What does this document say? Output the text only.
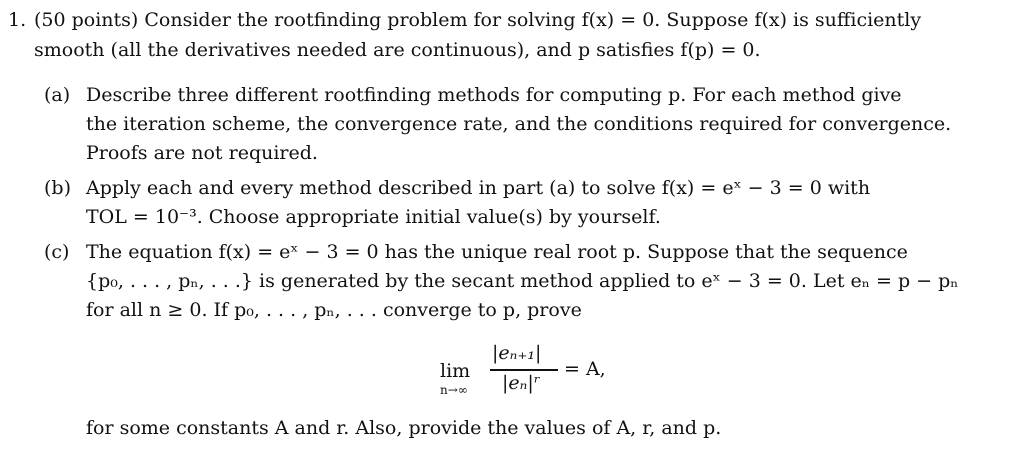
1. (50 points) Consider the rootfinding problem for solving f(x) = 0. Suppose f(x) is sufficiently
smooth (all the derivatives needed are continuous), and p satisfies f(p) = 0.
(a) Describe three different rootfinding methods for computing p. For each method give
the iteration scheme, the convergence rate, and the conditions required for convergence.
Proofs are not required.
(b) Apply each and every method described in part (a) to solve f(x) = eˣ − 3 = 0 with
TOL = 10⁻³. Choose appropriate initial value(s) by yourself.
(c) The equation f(x) = eˣ − 3 = 0 has the unique real root p. Suppose that the sequence
{p₀, . . . , pₙ, . . .} is generated by the secant method applied to eˣ − 3 = 0. Let eₙ = p − pₙ
for all n ≥ 0. If p₀, . . . , pₙ, . . . converge to p, prove
lim
n→∞
|eₙ₊₁|
|eₙ|ʳ
= A,
for some constants A and r. Also, provide the values of A, r, and p.
